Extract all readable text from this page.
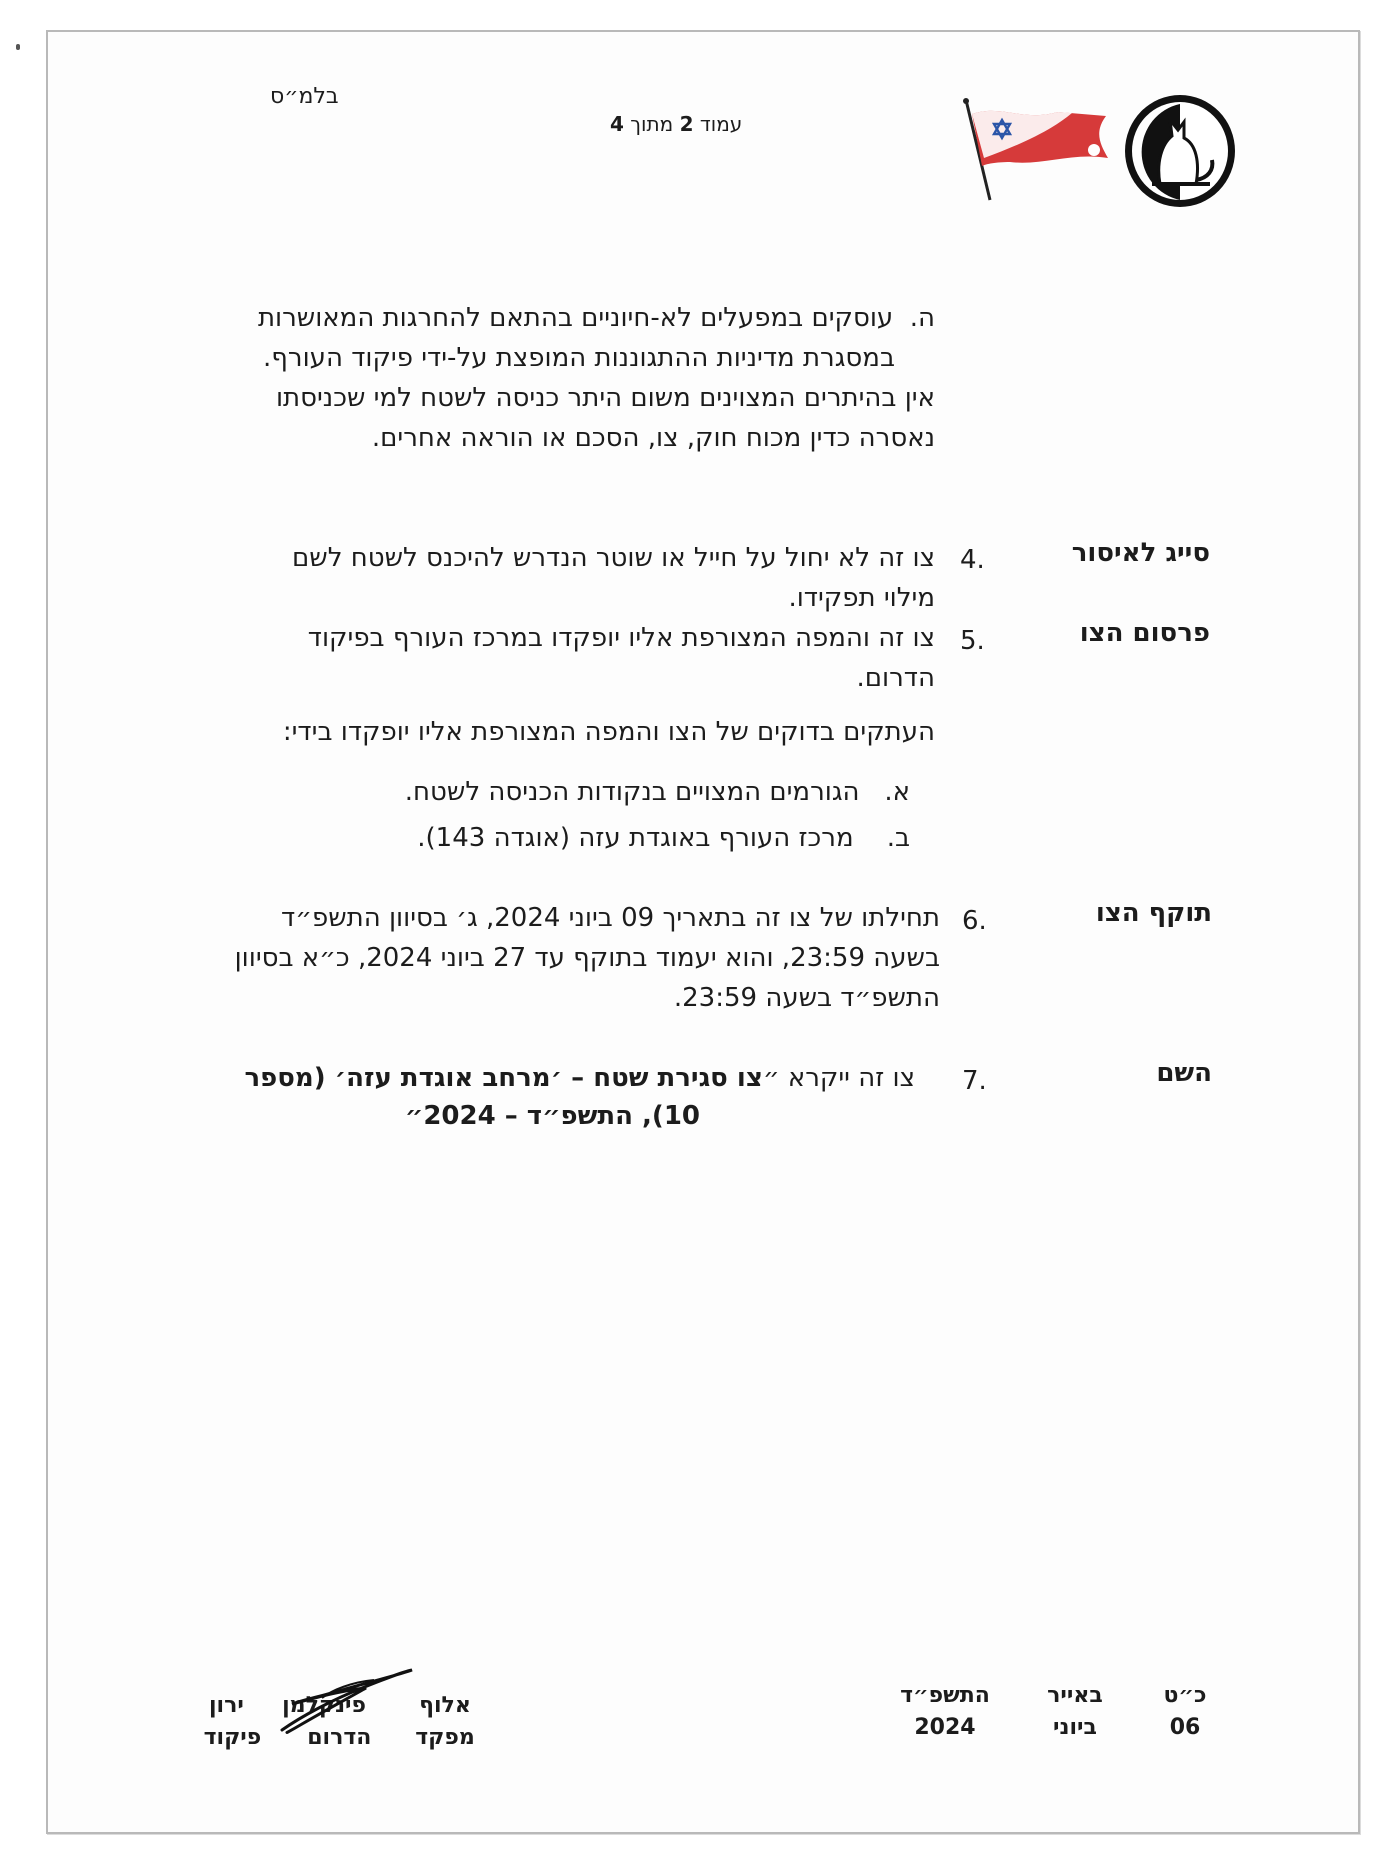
בלמ״ס
עמוד 2 מתוך 4
ה.  עוסקים במפעלים לא-חיוניים בהתאם להחרגות המאושרות
במסגרת מדיניות ההתגוננות המופצת על-ידי פיקוד העורף.
אין בהיתרים המצוינים משום היתר כניסה לשטח למי שכניסתו
נאסרה כדין מכוח חוק, צו, הסכם או הוראה אחרים.
סייג לאיסור
4.
צו זה לא יחול על חייל או שוטר הנדרש להיכנס לשטח לשם
מילוי תפקידו.
פרסום הצו
5.
צו זה והמפה המצורפת אליו יופקדו במרכז העורף בפיקוד
הדרום.
העתקים בדוקים של הצו והמפה המצורפת אליו יופקדו בידי:
א.   הגורמים המצויים בנקודות הכניסה לשטח.
ב.    מרכז העורף באוגדת עזה (אוגדה 143).
תוקף הצו
6.
תחילתו של צו זה בתאריך 09 ביוני 2024, ג׳ בסיוון התשפ״ד
בשעה 23:59, והוא יעמוד בתוקף עד 27 ביוני 2024, כ״א בסיוון
התשפ״ד בשעה 23:59.
השם
7.
צו זה ייקרא ״צו סגירת שטח – ׳מרחב אוגדת עזה׳ (מספר
10), התשפ״ד – 2024״
כ״ט
06
באייר
ביוני
התשפ״ד
2024
אלוף
מפקד
פינקלמן     ירון
הדרום      פיקוד
